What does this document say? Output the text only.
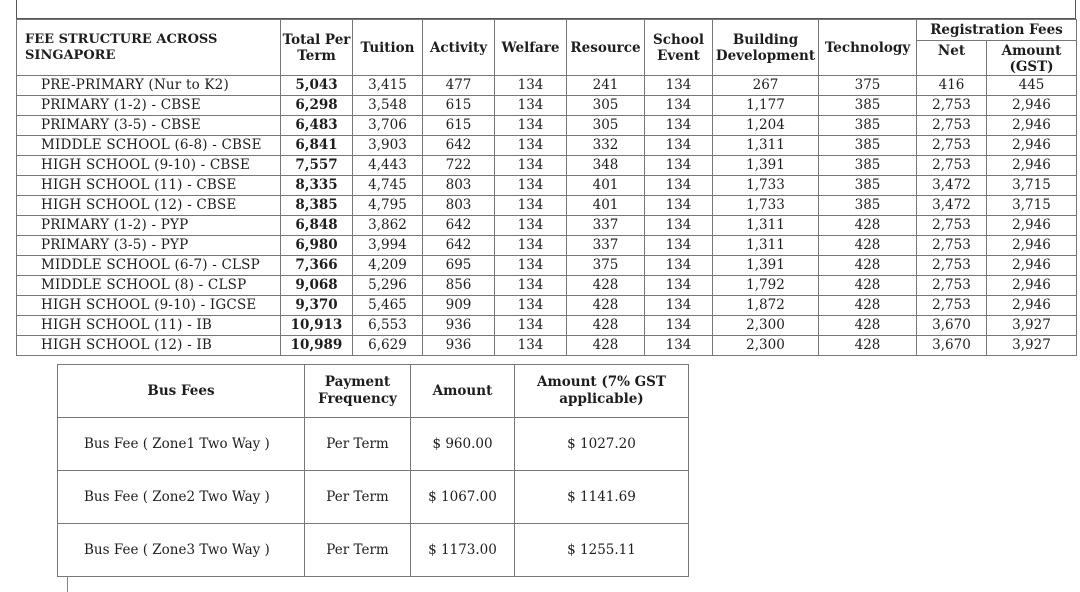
FEE STRUCTURE ACROSS SINGAPORE	Total Per Term	Tuition	Activity	Welfare	Resource	School Event	Building Development	Technology	Registration Fees	
									Net	Amount (GST)
PRE-PRIMARY (Nur to K2)	5,043	3,415	477	134	241	134	267	375	416	445
PRIMARY (1-2) - CBSE	6,298	3,548	615	134	305	134	1,177	385	2,753	2,946
PRIMARY (3-5) - CBSE	6,483	3,706	615	134	305	134	1,204	385	2,753	2,946
MIDDLE SCHOOL (6-8) - CBSE	6,841	3,903	642	134	332	134	1,311	385	2,753	2,946
HIGH SCHOOL (9-10) - CBSE	7,557	4,443	722	134	348	134	1,391	385	2,753	2,946
HIGH SCHOOL (11) - CBSE	8,335	4,745	803	134	401	134	1,733	385	3,472	3,715
HIGH SCHOOL (12) - CBSE	8,385	4,795	803	134	401	134	1,733	385	3,472	3,715
PRIMARY (1-2) - PYP	6,848	3,862	642	134	337	134	1,311	428	2,753	2,946
PRIMARY (3-5) - PYP	6,980	3,994	642	134	337	134	1,311	428	2,753	2,946
MIDDLE SCHOOL (6-7) - CLSP	7,366	4,209	695	134	375	134	1,391	428	2,753	2,946
MIDDLE SCHOOL (8) - CLSP	9,068	5,296	856	134	428	134	1,792	428	2,753	2,946
HIGH SCHOOL (9-10) - IGCSE	9,370	5,465	909	134	428	134	1,872	428	2,753	2,946
HIGH SCHOOL (11) - IB	10,913	6,553	936	134	428	134	2,300	428	3,670	3,927
HIGH SCHOOL (12) - IB	10,989	6,629	936	134	428	134	2,300	428	3,670	3,927
Bus Fees	Payment Frequency	Amount	Amount (7% GST applicable)
Bus Fee ( Zone1 Two Way )	Per Term	$ 960.00	$ 1027.20
Bus Fee ( Zone2 Two Way )	Per Term	$ 1067.00	$ 1141.69
Bus Fee ( Zone3 Two Way )	Per Term	$ 1173.00	$ 1255.11
